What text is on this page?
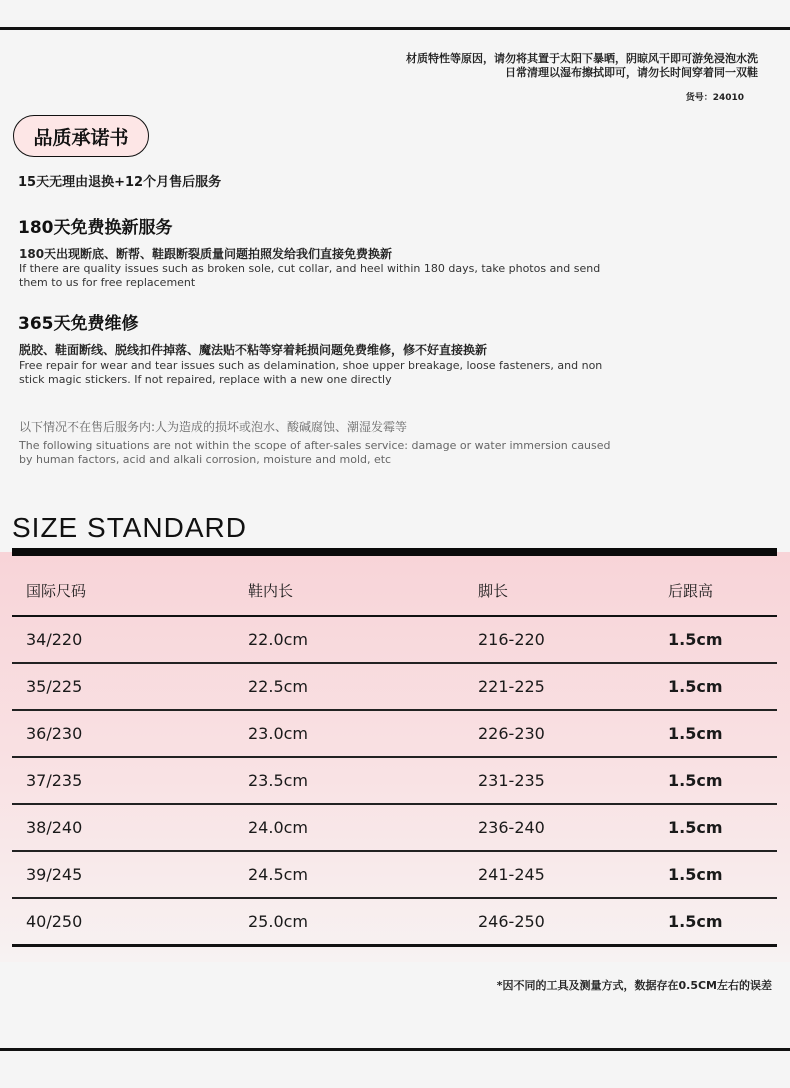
材质特性等原因，请勿将其置于太阳下暴晒，阴晾风干即可游免浸泡水洗
日常清理以湿布擦拭即可，请勿长时间穿着同一双鞋
货号：24010
品质承诺书
15天无理由退换+12个月售后服务
180天免费换新服务
180天出现断底、断帮、鞋跟断裂质量问题拍照发给我们直接免费换新
If there are quality issues such as broken sole, cut collar, and heel within 180 days, take photos and send them to us for free replacement
365天免费维修
脱胶、鞋面断线、脱线扣件掉落、魔法贴不粘等穿着耗损问题免费维修，修不好直接换新
Free repair for wear and tear issues such as delamination, shoe upper breakage, loose fasteners, and non stick magic stickers. If not repaired, replace with a new one directly
以下情况不在售后服务内:人为造成的损坏或泡水、酸碱腐蚀、潮湿发霉等
The following situations are not within the scope of after-sales service: damage or water immersion caused by human factors, acid and alkali corrosion, moisture and mold, etc
SIZE STANDARD
国际尺码	鞋内长	脚长	后跟高
34/220	22.0cm	216-220	1.5cm
35/225	22.5cm	221-225	1.5cm
36/230	23.0cm	226-230	1.5cm
37/235	23.5cm	231-235	1.5cm
38/240	24.0cm	236-240	1.5cm
39/245	24.5cm	241-245	1.5cm
40/250	25.0cm	246-250	1.5cm
*因不同的工具及测量方式，数据存在0.5CM左右的误差
